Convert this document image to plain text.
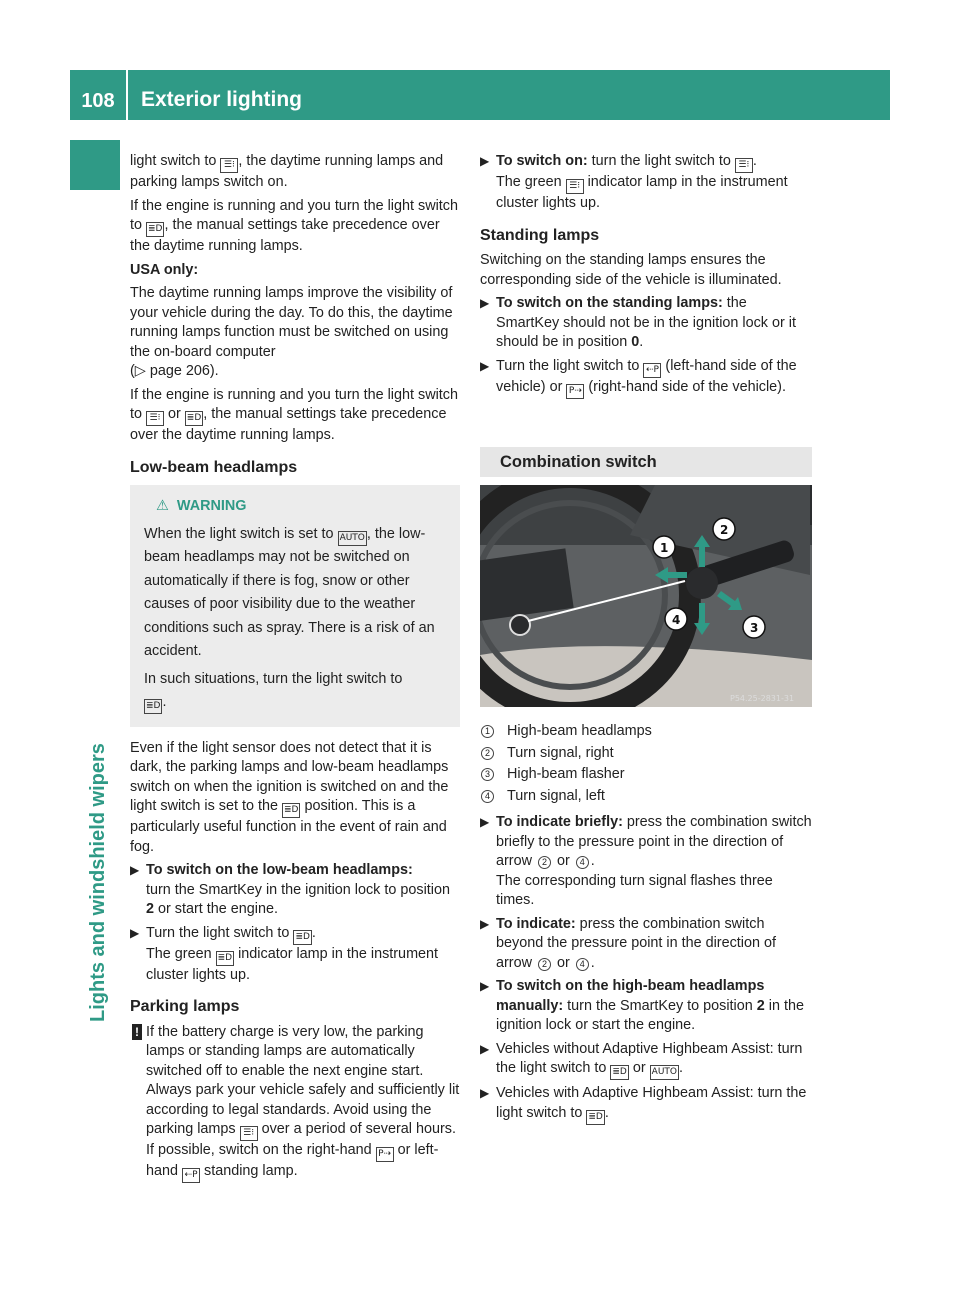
108	Exterior lighting
Lights and windshield wipers

light switch to ☰⁝ , the daytime running lamps and parking lamps switch on.

If the engine is running and you turn the light switch to ≣D , the manual settings take precedence over the daytime running lamps.

USA only:

The daytime running lamps improve the visibility of your vehicle during the day. To do this, the daytime running lamps function must be switched on using the on-board computer

(▷ page 206).

If the engine is running and you turn the light switch to ☰⁝ or ≣D , the manual settings take precedence over the daytime running lamps.

Low-beam headlamps
⚠ WARNING

When the light switch is set to AUTO , the low-beam headlamps may not be switched on automatically if there is fog, snow or other causes of poor visibility due to the weather conditions such as spray. There is a risk of an accident.

In such situations, turn the light switch to

≣D .

Even if the light sensor does not detect that it is dark, the parking lamps and low-beam headlamps switch on when the ignition is switched on and the light switch is set to the ≣D position. This is a particularly useful function in the event of rain and fog.

▶ To switch on the low-beam headlamps:
turn the SmartKey in the ignition lock to position 2 or start the engine.
▶ Turn the light switch to ≣D .
The green ≣D indicator lamp in the instrument cluster lights up.
Parking lamps
! If the battery charge is very low, the parking lamps or standing lamps are automatically switched off to enable the next engine start. Always park your vehicle safely and sufficiently lit according to legal standards. Avoid using the parking lamps ☰⁝ over a period of several hours. If possible, switch on the right-hand P⇢ or left-hand ⇠P standing lamp.
▶ To switch on: turn the light switch to ☰⁝ .
The green ☰⁝ indicator lamp in the instrument cluster lights up.
Standing lamps

Switching on the standing lamps ensures the corresponding side of the vehicle is illuminated.

▶ To switch on the standing lamps: the SmartKey should not be in the ignition lock or it should be in position 0.
▶ Turn the light switch to ⇠P (left-hand side of the vehicle) or P⇢ (right-hand side of the vehicle).
Combination switch
1
2
3
4
P54.25-2831-31
1 High-beam headlamps
2 Turn signal, right
3 High-beam flasher
4 Turn signal, left
▶ To indicate briefly: press the combination switch briefly to the pressure point in the direction of arrow 2 or 4 .
The corresponding turn signal flashes three times.
▶ To indicate: press the combination switch beyond the pressure point in the direction of arrow 2 or 4 .
▶ To switch on the high-beam headlamps manually: turn the SmartKey to position 2 in the ignition lock or start the engine.
▶ Vehicles without Adaptive Highbeam Assist: turn the light switch to ≣D or AUTO .
▶ Vehicles with Adaptive Highbeam Assist: turn the light switch to ≣D .
